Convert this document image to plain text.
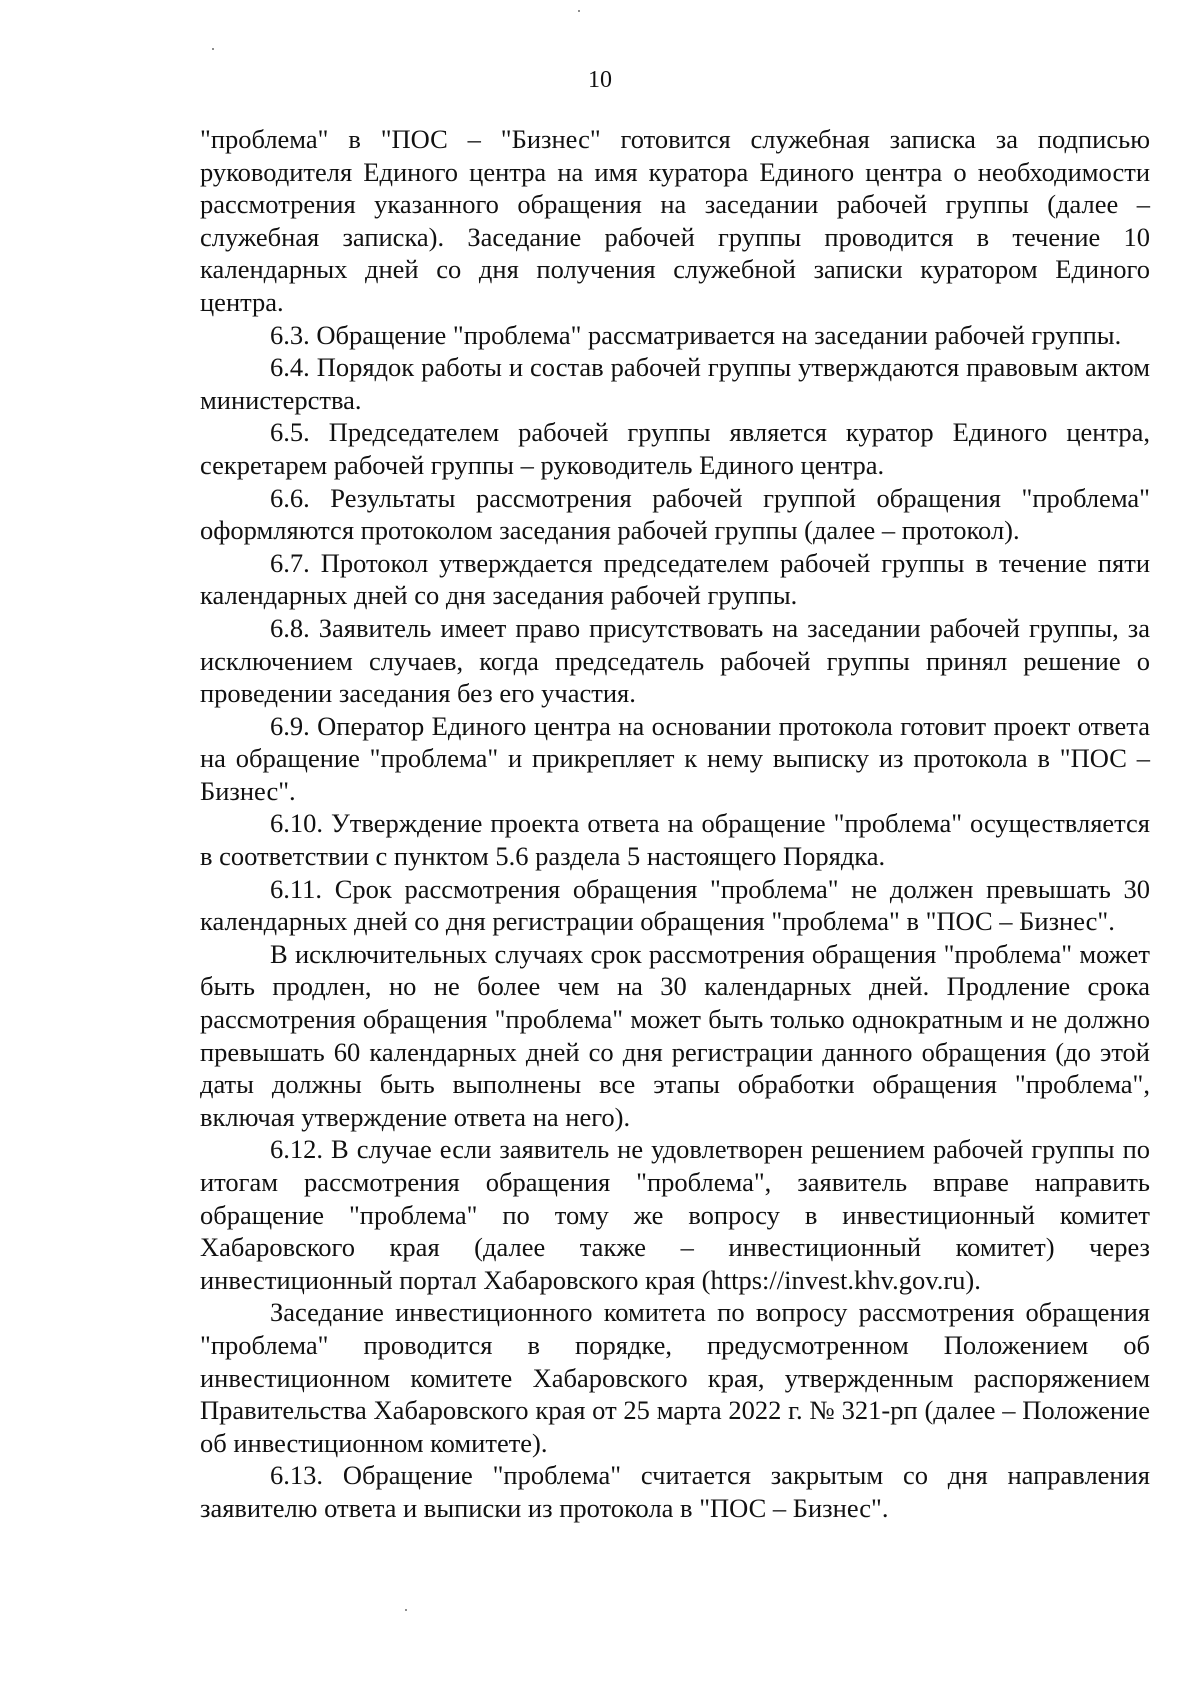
10

"проблема" в "ПОС – "Бизнес" готовится служебная записка за подписью руководителя Единого центра на имя куратора Единого центра о необходимости рассмотрения указанного обращения на заседании рабочей группы (далее – служебная записка). Заседание рабочей группы проводится в течение 10 календарных дней со дня получения служебной записки куратором Единого центра.

6.3. Обращение "проблема" рассматривается на заседании рабочей группы.

6.4. Порядок работы и состав рабочей группы утверждаются правовым актом министерства.

6.5. Председателем рабочей группы является куратор Единого центра, секретарем рабочей группы – руководитель Единого центра.

6.6. Результаты рассмотрения рабочей группой обращения "проблема" оформляются протоколом заседания рабочей группы (далее – протокол).

6.7. Протокол утверждается председателем рабочей группы в течение пяти календарных дней со дня заседания рабочей группы.

6.8. Заявитель имеет право присутствовать на заседании рабочей группы, за исключением случаев, когда председатель рабочей группы принял решение о проведении заседания без его участия.

6.9. Оператор Единого центра на основании протокола готовит проект ответа на обращение "проблема" и прикрепляет к нему выписку из протокола в "ПОС – Бизнес".

6.10. Утверждение проекта ответа на обращение "проблема" осуществляется в соответствии с пунктом 5.6 раздела 5 настоящего Порядка.

6.11. Срок рассмотрения обращения "проблема" не должен превышать 30 календарных дней со дня регистрации обращения "проблема" в "ПОС – Бизнес".

В исключительных случаях срок рассмотрения обращения "проблема" может быть продлен, но не более чем на 30 календарных дней. Продление срока рассмотрения обращения "проблема" может быть только однократным и не должно превышать 60 календарных дней со дня регистрации данного обращения (до этой даты должны быть выполнены все этапы обработки обращения "проблема", включая утверждение ответа на него).

6.12. В случае если заявитель не удовлетворен решением рабочей группы по итогам рассмотрения обращения "проблема", заявитель вправе направить обращение "проблема" по тому же вопросу в инвестиционный комитет Хабаровского края (далее также – инвестиционный комитет) через инвестиционный портал Хабаровского края (https://invest.khv.gov.ru).

Заседание инвестиционного комитета по вопросу рассмотрения обращения "проблема" проводится в порядке, предусмотренном Положением об инвестиционном комитете Хабаровского края, утвержденным распоряжением Правительства Хабаровского края от 25 марта 2022 г. № 321-рп (далее – Положение об инвестиционном комитете).

6.13. Обращение "проблема" считается закрытым со дня направления заявителю ответа и выписки из протокола в "ПОС – Бизнес".
